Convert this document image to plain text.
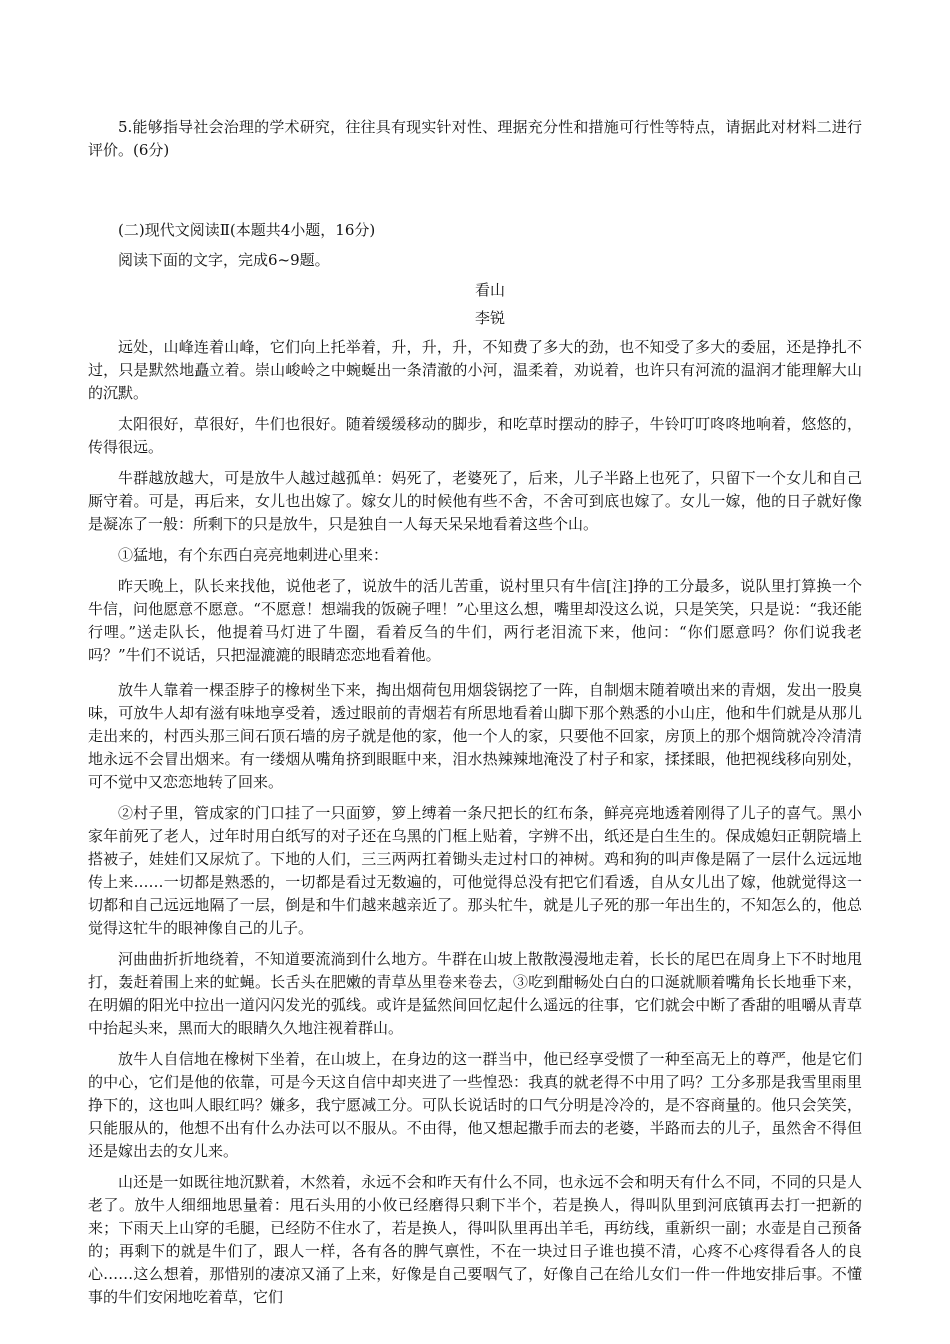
5.能够指导社会治理的学术研究，往往具有现实针对性、理据充分性和措施可行性等特点，请据此对材料二进行评价。(6分)
(二)现代文阅读Ⅱ(本题共4小题，16分)
阅读下面的文字，完成6~9题。
看山
李锐

远处，山峰连着山峰，它们向上托举着，升，升，升，不知费了多大的劲，也不知受了多大的委屈，还是挣扎不过，只是默然地矗立着。崇山峻岭之中蜿蜒出一条清澈的小河，温柔着，劝说着，也许只有河流的温润才能理解大山的沉默。

太阳很好，草很好，牛们也很好。随着缓缓移动的脚步，和吃草时摆动的脖子，牛铃叮叮咚咚地响着，悠悠的，传得很远。

牛群越放越大，可是放牛人越过越孤单：妈死了，老婆死了，后来，儿子半路上也死了，只留下一个女儿和自己厮守着。可是，再后来，女儿也出嫁了。嫁女儿的时候他有些不舍，不舍可到底也嫁了。女儿一嫁，他的日子就好像是凝冻了一般：所剩下的只是放牛，只是独自一人每天呆呆地看着这些个山。

①猛地，有个东西白亮亮地刺进心里来：

昨天晚上，队长来找他，说他老了，说放牛的活儿苦重，说村里只有牛信[注]挣的工分最多，说队里打算换一个牛信，问他愿意不愿意。“不愿意！想端我的饭碗子哩！”心里这么想，嘴里却没这么说，只是笑笑，只是说：“我还能行哩。”送走队长，他提着马灯进了牛圈，看着反刍的牛们，两行老泪流下来，他问：“你们愿意吗？你们说我老吗？”牛们不说话，只把湿漉漉的眼睛恋恋地看着他。

放牛人靠着一棵歪脖子的橡树坐下来，掏出烟荷包用烟袋锅挖了一阵，自制烟末随着喷出来的青烟，发出一股臭味，可放牛人却有滋有味地享受着，透过眼前的青烟若有所思地看着山脚下那个熟悉的小山庄，他和牛们就是从那儿走出来的，村西头那三间石顶石墙的房子就是他的家，他一个人的家，只要他不回家，房顶上的那个烟筒就冷冷清清地永远不会冒出烟来。有一缕烟从嘴角挤到眼眶中来，泪水热辣辣地淹没了村子和家，揉揉眼，他把视线移向别处，可不觉中又恋恋地转了回来。

②村子里，管成家的门口挂了一只面箩，箩上缚着一条尺把长的红布条，鲜亮亮地透着刚得了儿子的喜气。黑小家年前死了老人，过年时用白纸写的对子还在乌黑的门框上贴着，字辨不出，纸还是白生生的。保成媳妇正朝院墙上搭被子，娃娃们又尿炕了。下地的人们，三三两两扛着锄头走过村口的神树。鸡和狗的叫声像是隔了一层什么远远地传上来……一切都是熟悉的，一切都是看过无数遍的，可他觉得总没有把它们看透，自从女儿出了嫁，他就觉得这一切都和自己远远地隔了一层，倒是和牛们越来越亲近了。那头牤牛，就是儿子死的那一年出生的，不知怎么的，他总觉得这牤牛的眼神像自己的儿子。

河曲曲折折地绕着，不知道要流淌到什么地方。牛群在山坡上散散漫漫地走着，长长的尾巴在周身上下不时地甩打，轰赶着围上来的虻蝇。长舌头在肥嫩的青草丛里卷来卷去，③吃到酣畅处白白的口涎就顺着嘴角长长地垂下来，在明媚的阳光中拉出一道闪闪发光的弧线。或许是猛然间回忆起什么遥远的往事，它们就会中断了香甜的咀嚼从青草中抬起头来，黑而大的眼睛久久地注视着群山。

放牛人自信地在橡树下坐着，在山坡上，在身边的这一群当中，他已经享受惯了一种至高无上的尊严，他是它们的中心，它们是他的依靠，可是今天这自信中却夹进了一些惶恐：我真的就老得不中用了吗？工分多那是我雪里雨里挣下的，这也叫人眼红吗？嫌多，我宁愿减工分。可队长说话时的口气分明是冷冷的，是不容商量的。他只会笑笑，只能服从的，他想不出有什么办法可以不服从。不由得，他又想起撒手而去的老婆，半路而去的儿子，虽然舍不得但还是嫁出去的女儿来。

山还是一如既往地沉默着，木然着，永远不会和昨天有什么不同，也永远不会和明天有什么不同，不同的只是人老了。放牛人细细地思量着：甩石头用的小攸已经磨得只剩下半个，若是换人，得叫队里到河底镇再去打一把新的来；下雨天上山穿的毛腿，已经防不住水了，若是换人，得叫队里再出羊毛，再纺线，重新织一副；水壶是自己预备的；再剩下的就是牛们了，跟人一样，各有各的脾气禀性，不在一块过日子谁也摸不清，心疼不心疼得看各人的良心……这么想着，那惜别的凄凉又涌了上来，好像是自己要咽气了，好像自己在给儿女们一件一件地安排后事。不懂事的牛们安闲地吃着草，它们
